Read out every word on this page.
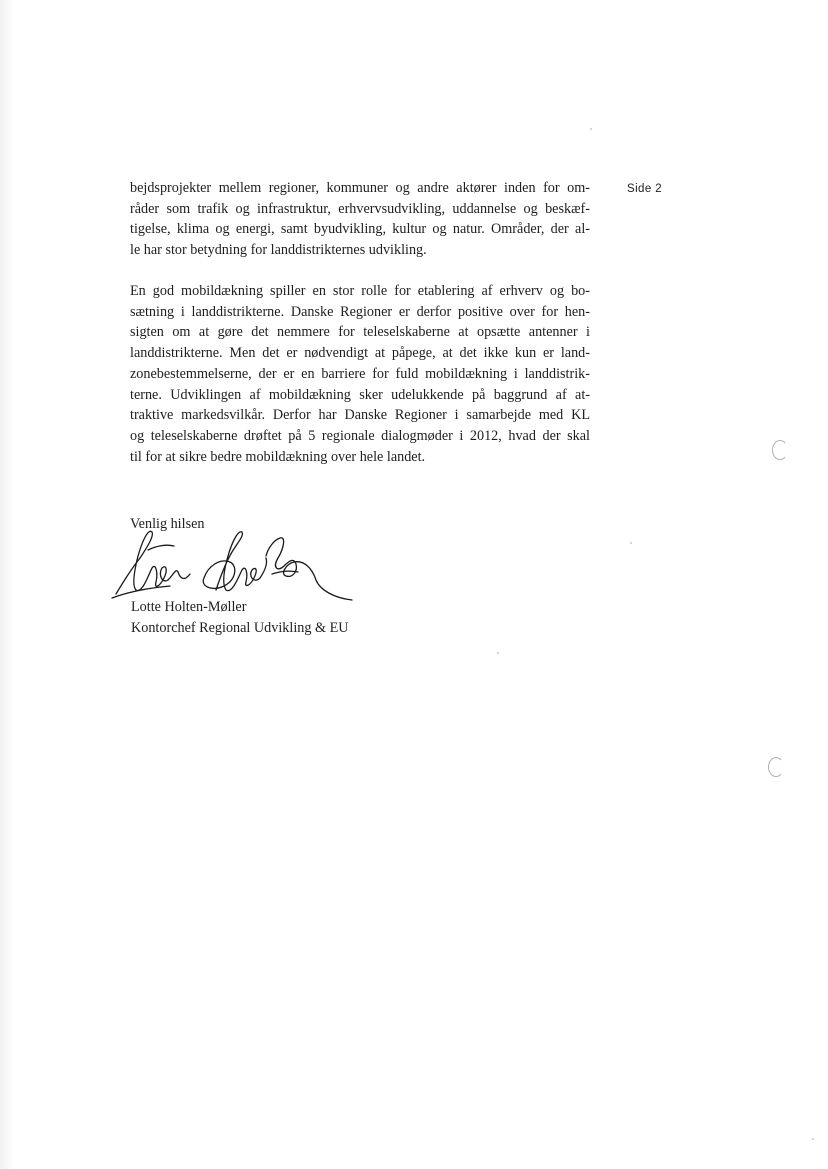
Side 2
bejdsprojekter mellem regioner, kommuner og andre aktører inden for om-
råder som trafik og infrastruktur, erhvervsudvikling, uddannelse og beskæf-
tigelse, klima og energi, samt byudvikling, kultur og natur. Områder, der al-
le har stor betydning for landdistrikternes udvikling.
En god mobildækning spiller en stor rolle for etablering af erhverv og bo-
sætning i landdistrikterne. Danske Regioner er derfor positive over for hen-
sigten om at gøre det nemmere for teleselskaberne at opsætte antenner i
landdistrikterne. Men det er nødvendigt at påpege, at det ikke kun er land-
zonebestemmelserne, der er en barriere for fuld mobildækning i landdistrik-
terne. Udviklingen af mobildækning sker udelukkende på baggrund af at-
traktive markedsvilkår. Derfor har Danske Regioner i samarbejde med KL
og teleselskaberne drøftet på 5 regionale dialogmøder i 2012, hvad der skal
til for at sikre bedre mobildækning over hele landet.
Venlig hilsen
Lotte Holten-Møller
Kontorchef Regional Udvikling & EU
